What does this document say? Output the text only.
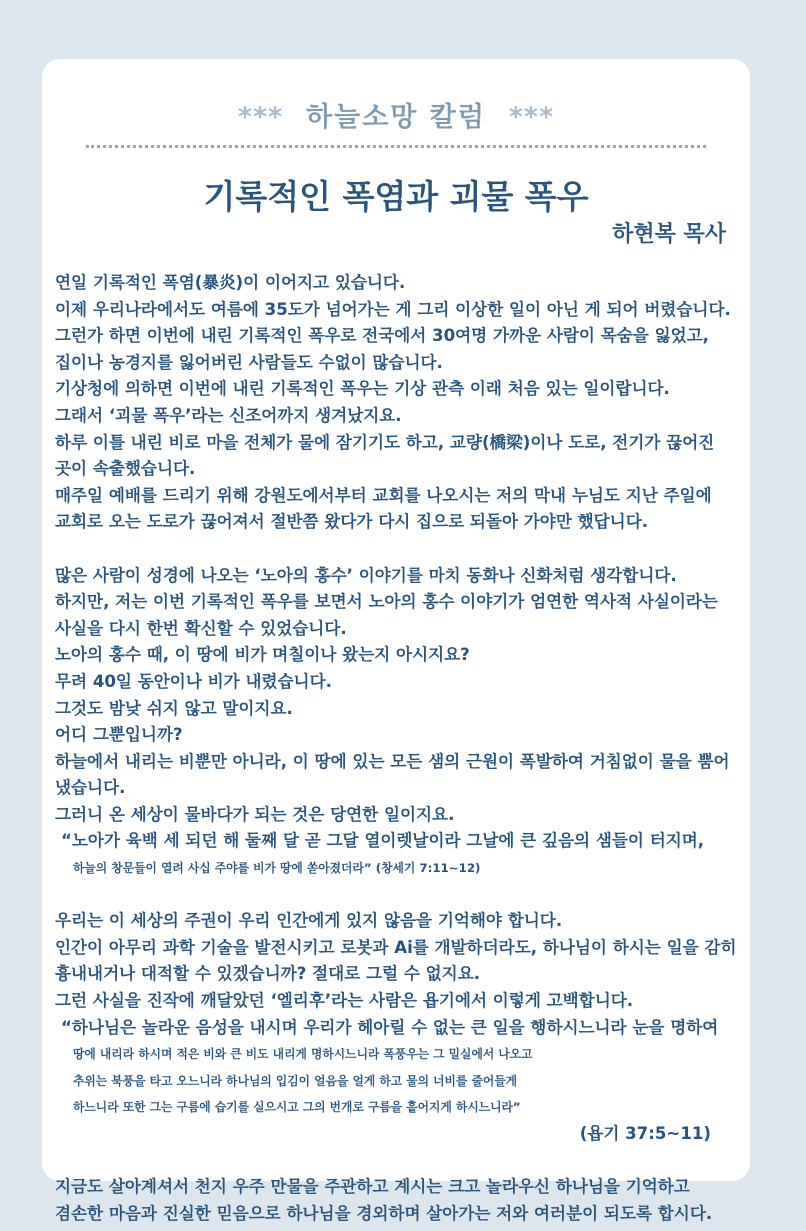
*** 하늘소망 칼럼 ***
기록적인 폭염과 괴물 폭우
하현복 목사
연일 기록적인 폭염(暴炎)이 이어지고 있습니다.
이제 우리나라에서도 여름에 35도가 넘어가는 게 그리 이상한 일이 아닌 게 되어 버렸습니다.
그런가 하면 이번에 내린 기록적인 폭우로 전국에서 30여명 가까운 사람이 목숨을 잃었고,
집이나 농경지를 잃어버린 사람들도 수없이 많습니다.
기상청에 의하면 이번에 내린 기록적인 폭우는 기상 관측 이래 처음 있는 일이랍니다.
그래서 ‘괴물 폭우’라는 신조어까지 생겨났지요.
하루 이틀 내린 비로 마을 전체가 물에 잠기기도 하고, 교량(橋梁)이나 도로, 전기가 끊어진
곳이 속출했습니다.
매주일 예배를 드리기 위해 강원도에서부터 교회를 나오시는 저의 막내 누님도 지난 주일에
교회로 오는 도로가 끊어져서 절반쯤 왔다가 다시 집으로 되돌아 가야만 했답니다.
많은 사람이 성경에 나오는 ‘노아의 홍수’ 이야기를 마치 동화나 신화처럼 생각합니다.
하지만, 저는 이번 기록적인 폭우를 보면서 노아의 홍수 이야기가 엄연한 역사적 사실이라는
사실을 다시 한번 확신할 수 있었습니다.
노아의 홍수 때, 이 땅에 비가 며칠이나 왔는지 아시지요?
무려 40일 동안이나 비가 내렸습니다.
그것도 밤낮 쉬지 않고 말이지요.
어디 그뿐입니까?
하늘에서 내리는 비뿐만 아니라, 이 땅에 있는 모든 샘의 근원이 폭발하여 거침없이 물을 뿜어
냈습니다.
그러니 온 세상이 물바다가 되는 것은 당연한 일이지요.
“노아가 육백 세 되던 해 둘째 달 곧 그달 열이렛날이라 그날에 큰 깊음의 샘들이 터지며,
하늘의 창문들이 열려 사십 주야를 비가 땅에 쏟아졌더라” (창세기 7:11~12)
우리는 이 세상의 주권이 우리 인간에게 있지 않음을 기억해야 합니다.
인간이 아무리 과학 기술을 발전시키고 로봇과 Ai를 개발하더라도, 하나님이 하시는 일을 감히
흉내내거나 대적할 수 있겠습니까? 절대로 그럴 수 없지요.
그런 사실을 진작에 깨달았던 ‘엘리후’라는 사람은 욥기에서 이렇게 고백합니다.
“하나님은 놀라운 음성을 내시며 우리가 헤아릴 수 없는 큰 일을 행하시느니라 눈을 명하여
땅에 내리라 하시며 적은 비와 큰 비도 내리게 명하시느니라 폭풍우는 그 밀실에서 나오고
추위는 북풍을 타고 오느니라 하나님의 입김이 얼음을 얼게 하고 물의 너비를 줄어들게
하느니라 또한 그는 구름에 습기를 실으시고 그의 번개로 구름을 흩어지게 하시느니라”
(욥기 37:5~11)
지금도 살아계셔서 천지 우주 만물을 주관하고 계시는 크고 놀라우신 하나님을 기억하고
겸손한 마음과 진실한 믿음으로 하나님을 경외하며 살아가는 저와 여러분이 되도록 합시다.
